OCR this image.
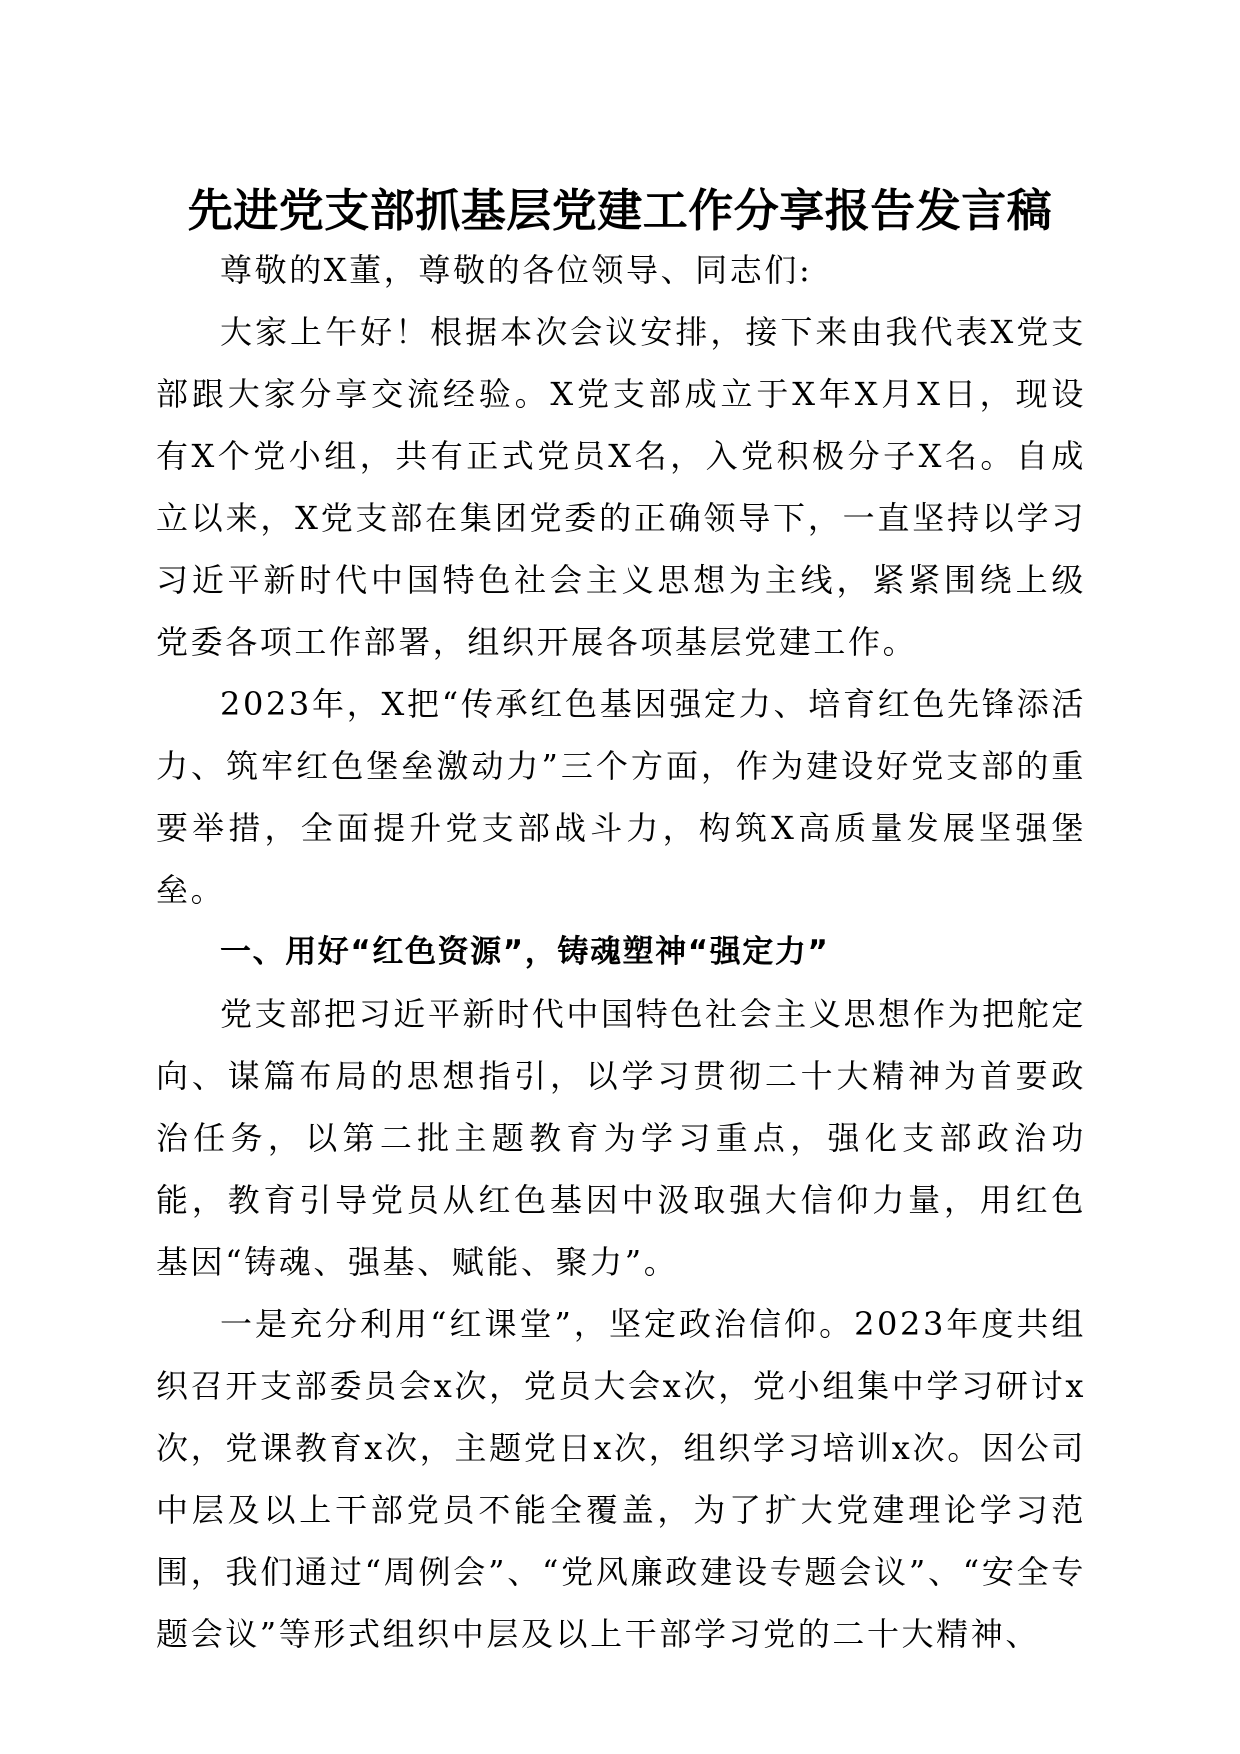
先进党支部抓基层党建工作分享报告发言稿

尊敬的X董，尊敬的各位领导、同志们:

大家上午好！根据本次会议安排，接下来由我代表X党支部跟大家分享交流经验。X党支部成立于X年X月X日，现设有X个党小组，共有正式党员X名，入党积极分子X名。自成立以来，X党支部在集团党委的正确领导下，一直坚持以学习习近平新时代中国特色社会主义思想为主线，紧紧围绕上级党委各项工作部署，组织开展各项基层党建工作。

2023年，X把“传承红色基因强定力、培育红色先锋添活力、筑牢红色堡垒激动力”三个方面，作为建设好党支部的重要举措，全面提升党支部战斗力，构筑X高质量发展坚强堡垒。

一、用好“红色资源”，铸魂塑神“强定力”

党支部把习近平新时代中国特色社会主义思想作为把舵定向、谋篇布局的思想指引，以学习贯彻二十大精神为首要政治任务，以第二批主题教育为学习重点，强化支部政治功能，教育引导党员从红色基因中汲取强大信仰力量，用红色基因“铸魂、强基、赋能、聚力”。

一是充分利用“红课堂”，坚定政治信仰。2023年度共组织召开支部委员会x次，党员大会x次，党小组集中学习研讨x次，党课教育x次，主题党日x次，组织学习培训x次。因公司中层及以上干部党员不能全覆盖，为了扩大党建理论学习范围，我们通过“周例会”、“党风廉政建设专题会议”、“安全专题会议”等形式组织中层及以上干部学习党的二十大精神、
